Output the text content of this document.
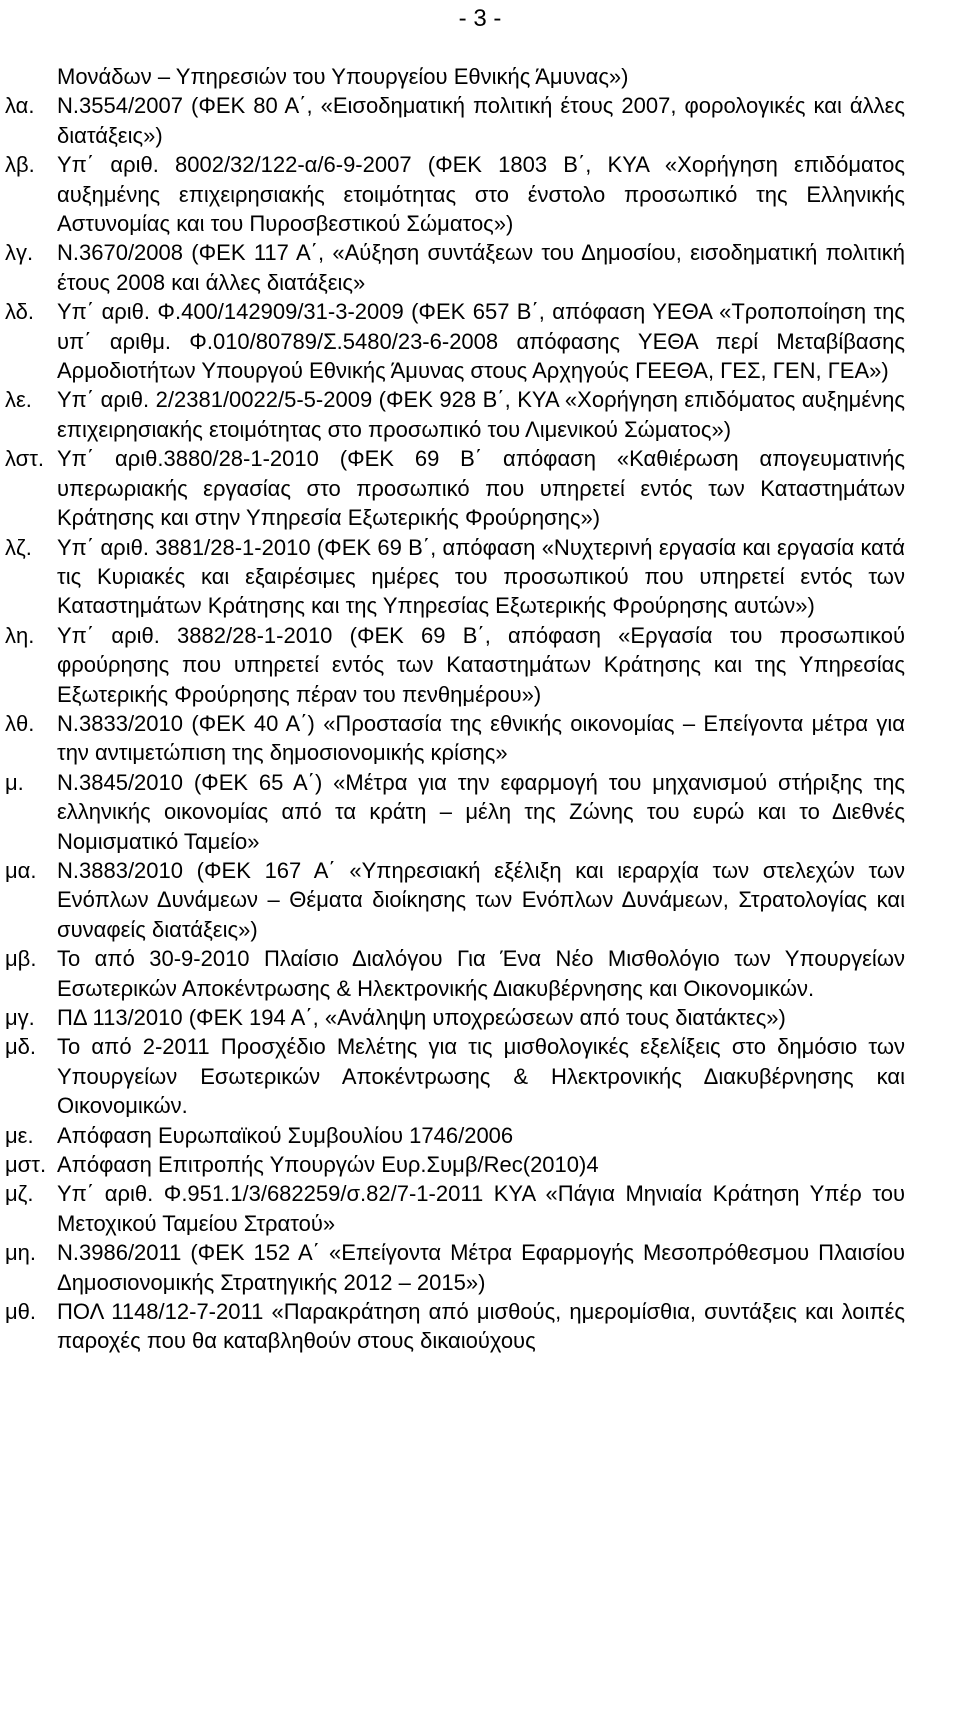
- 3 -
Μονάδων – Υπηρεσιών του Υπουργείου Εθνικής Άμυνας»)
λα.	Ν.3554/2007 (ΦΕΚ 80 Α΄, «Εισοδηματική πολιτική έτους 2007, φορολογικές και άλλες διατάξεις»)
λβ.	Υπ΄ αριθ. 8002/32/122-α/6-9-2007 (ΦΕΚ 1803 Β΄, ΚΥΑ «Χορήγηση επιδόματος αυξημένης επιχειρησιακής ετοιμότητας στο ένστολο προσωπικό της Ελληνικής Αστυνομίας και του Πυροσβεστικού Σώματος»)
λγ.	Ν.3670/2008 (ΦΕΚ 117 Α΄, «Αύξηση συντάξεων του Δημοσίου, εισοδηματική πολιτική έτους 2008 και άλλες διατάξεις»
λδ.	Υπ΄ αριθ. Φ.400/142909/31-3-2009 (ΦΕΚ 657 Β΄, απόφαση ΥΕΘΑ «Τροποποίηση της υπ΄ αριθμ. Φ.010/80789/Σ.5480/23-6-2008 απόφασης ΥΕΘΑ περί Μεταβίβασης Αρμοδιοτήτων Υπουργού Εθνικής Άμυνας στους Αρχηγούς ΓΕΕΘΑ, ΓΕΣ, ΓΕΝ, ΓΕΑ»)
λε.	Υπ΄ αριθ. 2/2381/0022/5-5-2009 (ΦΕΚ 928 Β΄, ΚΥΑ «Χορήγηση επιδόματος αυξημένης επιχειρησιακής ετοιμότητας στο προσωπικό του Λιμενικού Σώματος»)
λστ. Υπ΄ αριθ.3880/28-1-2010 (ΦΕΚ 69 Β΄ απόφαση «Καθιέρωση απογευματινής υπερωριακής εργασίας στο προσωπικό που υπηρετεί εντός των Καταστημάτων Κράτησης και στην Υπηρεσία Εξωτερικής Φρούρησης»)
λζ.	Υπ΄ αριθ. 3881/28-1-2010 (ΦΕΚ 69 Β΄, απόφαση «Νυχτερινή εργασία και εργασία κατά τις Κυριακές και εξαιρέσιμες ημέρες του προσωπικού που υπηρετεί εντός των Καταστημάτων Κράτησης και της Υπηρεσίας Εξωτερικής Φρούρησης αυτών»)
λη.	Υπ΄ αριθ. 3882/28-1-2010 (ΦΕΚ 69 Β΄, απόφαση «Εργασία του προσωπικού φρούρησης που υπηρετεί εντός των Καταστημάτων Κράτησης και της Υπηρεσίας Εξωτερικής Φρούρησης πέραν του πενθημέρου»)
λθ.	Ν.3833/2010 (ΦΕΚ 40 Α΄) «Προστασία της εθνικής οικονομίας – Επείγοντα μέτρα για την αντιμετώπιση της δημοσιονομικής κρίσης»
μ.	Ν.3845/2010 (ΦΕΚ 65 Α΄) «Μέτρα για την εφαρμογή του μηχανισμού στήριξης της ελληνικής οικονομίας από τα κράτη – μέλη της Ζώνης του ευρώ και το Διεθνές Νομισματικό Ταμείο»
μα. Ν.3883/2010 (ΦΕΚ 167 Α΄ «Υπηρεσιακή εξέλιξη και ιεραρχία των στελεχών των Ενόπλων Δυνάμεων – Θέματα διοίκησης των Ενόπλων Δυνάμεων, Στρατολογίας και συναφείς διατάξεις»)
μβ. Το από 30-9-2010 Πλαίσιο Διαλόγου Για Ένα Νέο Μισθολόγιο των Υπουργείων Εσωτερικών Αποκέντρωσης & Ηλεκτρονικής Διακυβέρνησης και Οικονομικών.
μγ.	ΠΔ 113/2010 (ΦΕΚ 194 Α΄, «Ανάληψη υποχρεώσεων από τους διατάκτες»)
μδ. Το από 2-2011 Προσχέδιο Μελέτης για τις μισθολογικές εξελίξεις στο δημόσιο των Υπουργείων Εσωτερικών Αποκέντρωσης & Ηλεκτρονικής Διακυβέρνησης και Οικονομικών.
με.	Απόφαση Ευρωπαϊκού Συμβουλίου 1746/2006
μστ. Απόφαση Επιτροπής Υπουργών Ευρ.Συμβ/Rec(2010)4
μζ.	Υπ΄ αριθ. Φ.951.1/3/682259/σ.82/7-1-2011 ΚΥΑ «Πάγια Μηνιαία Κράτηση Υπέρ του Μετοχικού Ταμείου Στρατού»
μη. Ν.3986/2011 (ΦΕΚ 152 Α΄ «Επείγοντα Μέτρα Εφαρμογής Μεσοπρόθεσμου Πλαισίου Δημοσιονομικής Στρατηγικής 2012 – 2015»)
μθ. ΠΟΛ 1148/12-7-2011 «Παρακράτηση από μισθούς, ημερομίσθια, συντάξεις και λοιπές παροχές που θα καταβληθούν στους δικαιούχους
